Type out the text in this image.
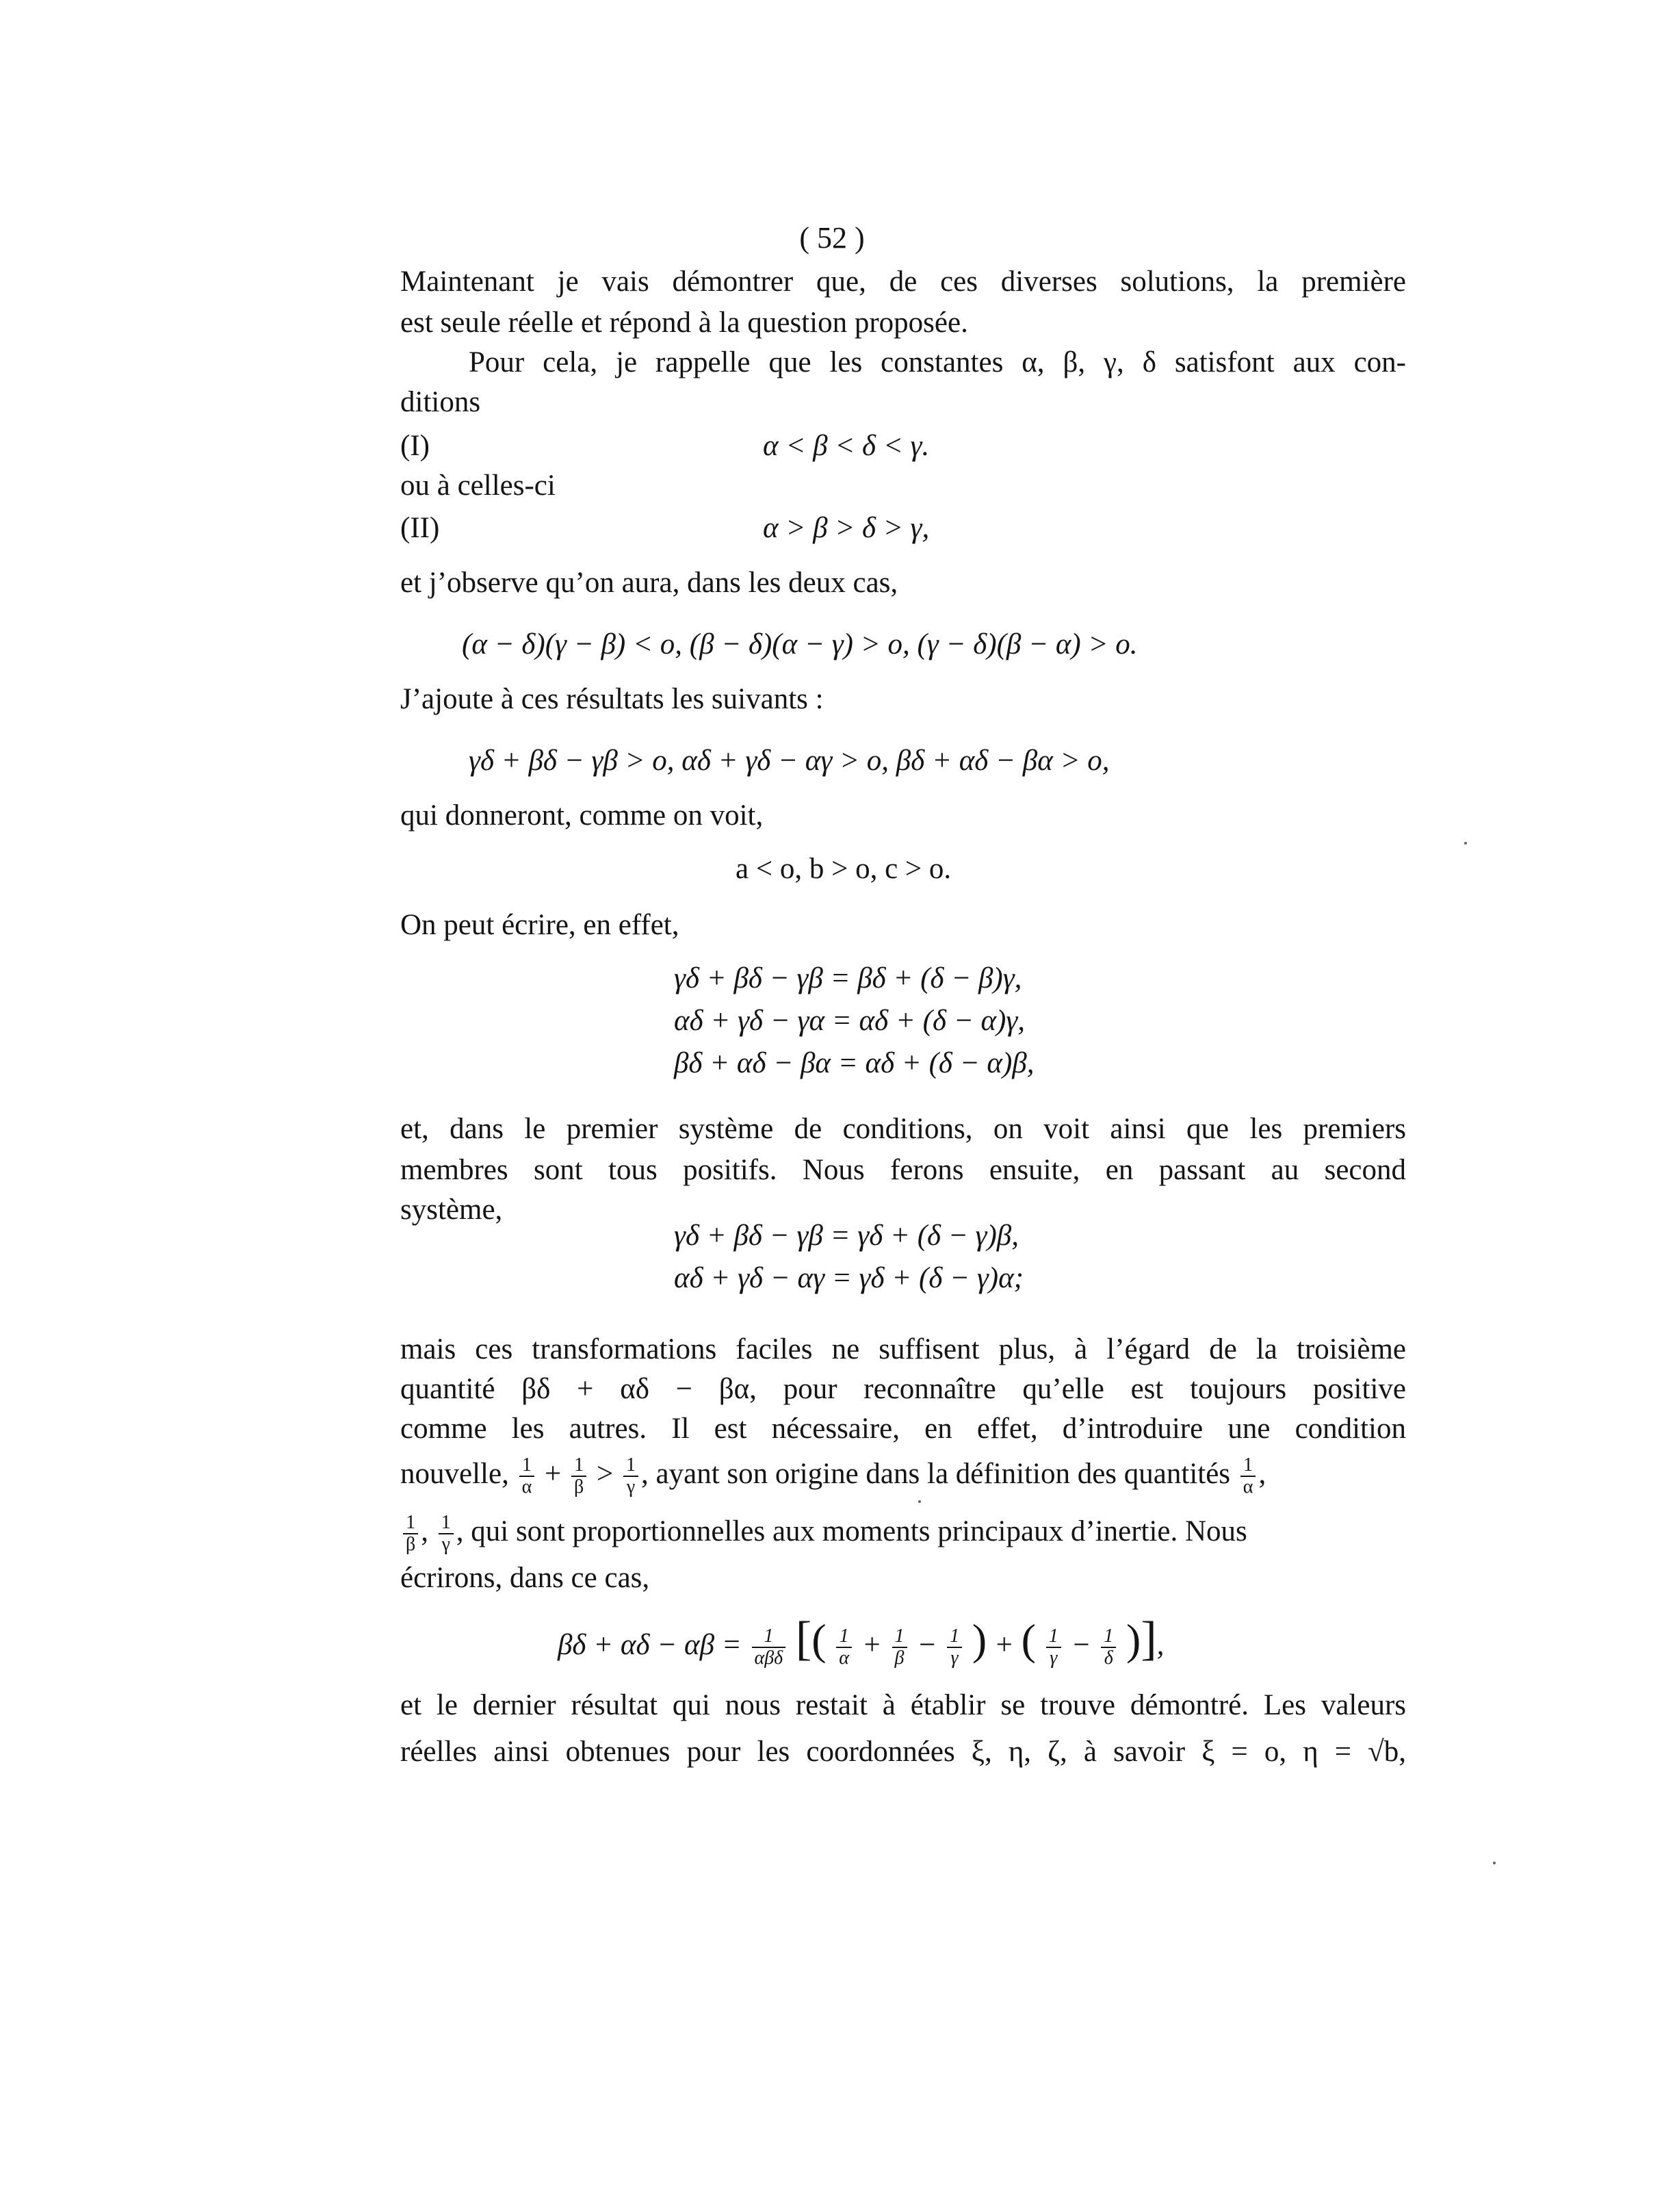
( 52 )
Maintenant je vais démontrer que, de ces diverses solutions, la première
est seule réelle et répond à la question proposée.
Pour cela, je rappelle que les constantes α, β, γ, δ satisfont aux con-
ditions
(I)	α < β < δ < γ.
ou à celles-ci
(II)	α > β > δ > γ,
et j’observe qu’on aura, dans les deux cas,
(α − δ)(γ − β) < o, (β − δ)(α − γ) > o, (γ − δ)(β − α) > o.
J’ajoute à ces résultats les suivants :
γδ + βδ − γβ > o, αδ + γδ − αγ > o, βδ + αδ − βα > o,
qui donneront, comme on voit,
a < o, b > o, c > o.
On peut écrire, en effet,
γδ + βδ − γβ = βδ + (δ − β)γ,
αδ + γδ − γα = αδ + (δ − α)γ,
βδ + αδ − βα = αδ + (δ − α)β,
et, dans le premier système de conditions, on voit ainsi que les premiers
membres sont tous positifs. Nous ferons ensuite, en passant au second
système,
γδ + βδ − γβ = γδ + (δ − γ)β,
αδ + γδ − αγ = γδ + (δ − γ)α;
mais ces transformations faciles ne suffisent plus, à l’égard de la troisième
quantité βδ + αδ − βα, pour reconnaître qu’elle est toujours positive
comme les autres. Il est nécessaire, en effet, d’introduire une condition
nouvelle, $\frac{1}{\alpha} + \frac{1}{\beta} > \frac{1}{\gamma}$ , ayant son origine dans la définition des quantités $\frac{1}{\alpha}$ ,
$\frac{1}{\beta}$ , $\frac{1}{\gamma}$ , qui sont proportionnelles aux moments principaux d’inertie. Nous
écrirons, dans ce cas,
$\beta\delta + \alpha\delta - \alpha\beta = \frac{1}{\text{αβδ}}$ [( $\frac{1}{\alpha} + \frac{1}{\beta} - \frac{1}{\gamma}$ ) + ( $\frac{1}{\gamma} - \frac{1}{\delta}$ )],
et le dernier résultat qui nous restait à établir se trouve démontré. Les valeurs
réelles ainsi obtenues pour les coordonnées ξ, η, ζ, à savoir ξ = o, η = √b,
